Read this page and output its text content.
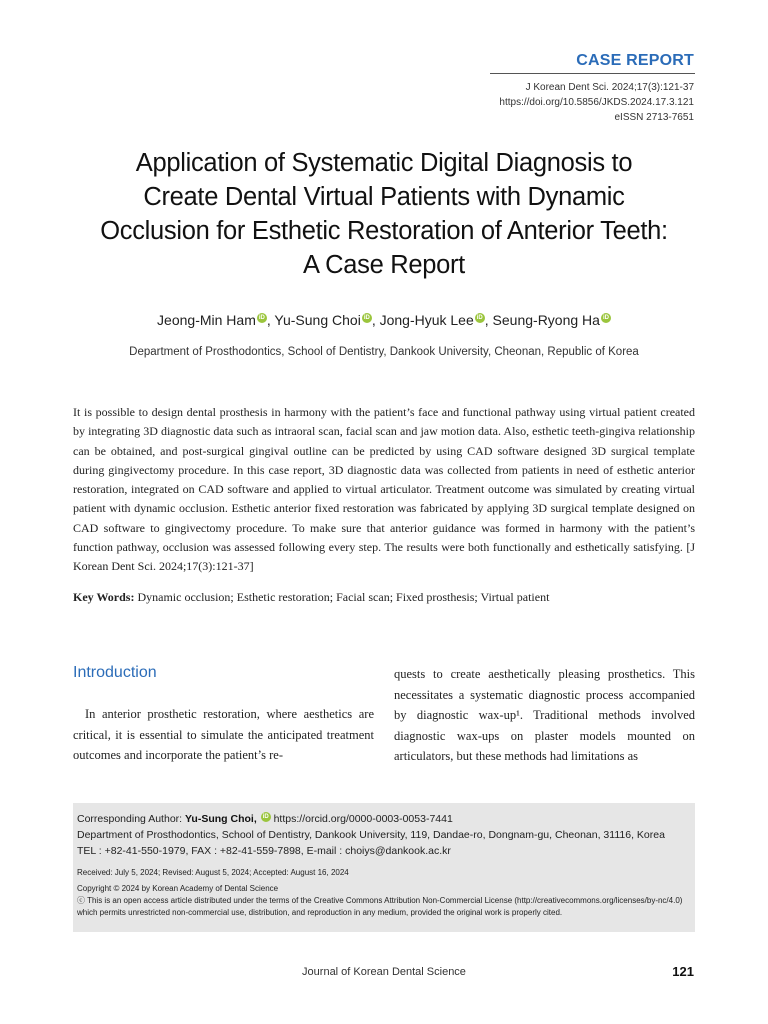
CASE REPORT
J Korean Dent Sci. 2024;17(3):121-37
https://doi.org/10.5856/JKDS.2024.17.3.121
eISSN 2713-7651
Application of Systematic Digital Diagnosis to
Create Dental Virtual Patients with Dynamic
Occlusion for Esthetic Restoration of Anterior Teeth:
A Case Report
Jeong-Min Ham iD , Yu-Sung Choi iD , Jong-Hyuk Lee iD , Seung-Ryong Ha iD
Department of Prosthodontics, School of Dentistry, Dankook University, Cheonan, Republic of Korea
It is possible to design dental prosthesis in harmony with the patient’s face and functional pathway using virtual patient created by integrating 3D diagnostic data such as intraoral scan, facial scan and jaw motion data. Also, esthetic teeth-gingiva relationship can be obtained, and post-surgical gingival outline can be predicted by using CAD software designed 3D surgical template during gingivectomy procedure. In this case report, 3D diagnostic data was collected from patients in need of esthetic anterior restoration, integrated on CAD software and applied to virtual articulator. Treatment outcome was simulated by creating virtual patient with dynamic occlusion. Esthetic anterior fixed restoration was fabricated by applying 3D surgical template designed on CAD software to gingivectomy procedure. To make sure that anterior guidance was formed in harmony with the patient’s function pathway, occlusion was assessed following every step. The results were both functionally and esthetically satisfying. [J Korean Dent Sci. 2024;17(3):121-37]
Key Words: Dynamic occlusion; Esthetic restoration; Facial scan; Fixed prosthesis; Virtual patient
Introduction
In anterior prosthetic restoration, where aesthetics are critical, it is essential to simulate the anticipated treatment outcomes and incorporate the patient’s re-
quests to create aesthetically pleasing prosthetics. This necessitates a systematic diagnostic process accompanied by diagnostic wax-up¹. Traditional methods involved diagnostic wax-ups on plaster models mounted on articulators, but these methods had limitations as
Corresponding Author: Yu-Sung Choi, iD https://orcid.org/0000-0003-0053-7441
Department of Prosthodontics, School of Dentistry, Dankook University, 119, Dandae-ro, Dongnam-gu, Cheonan, 31116, Korea
TEL : +82-41-550-1979, FAX : +82-41-559-7898, E-mail : choiys@dankook.ac.kr
Received: July 5, 2024; Revised: August 5, 2024; Accepted: August 16, 2024
Copyright © 2024 by Korean Academy of Dental Science
ⓒ This is an open access article distributed under the terms of the Creative Commons Attribution Non-Commercial License (http://creativecommons.org/licenses/by-nc/4.0)
which permits unrestricted non-commercial use, distribution, and reproduction in any medium, provided the original work is properly cited.
Journal of Korean Dental Science	121
